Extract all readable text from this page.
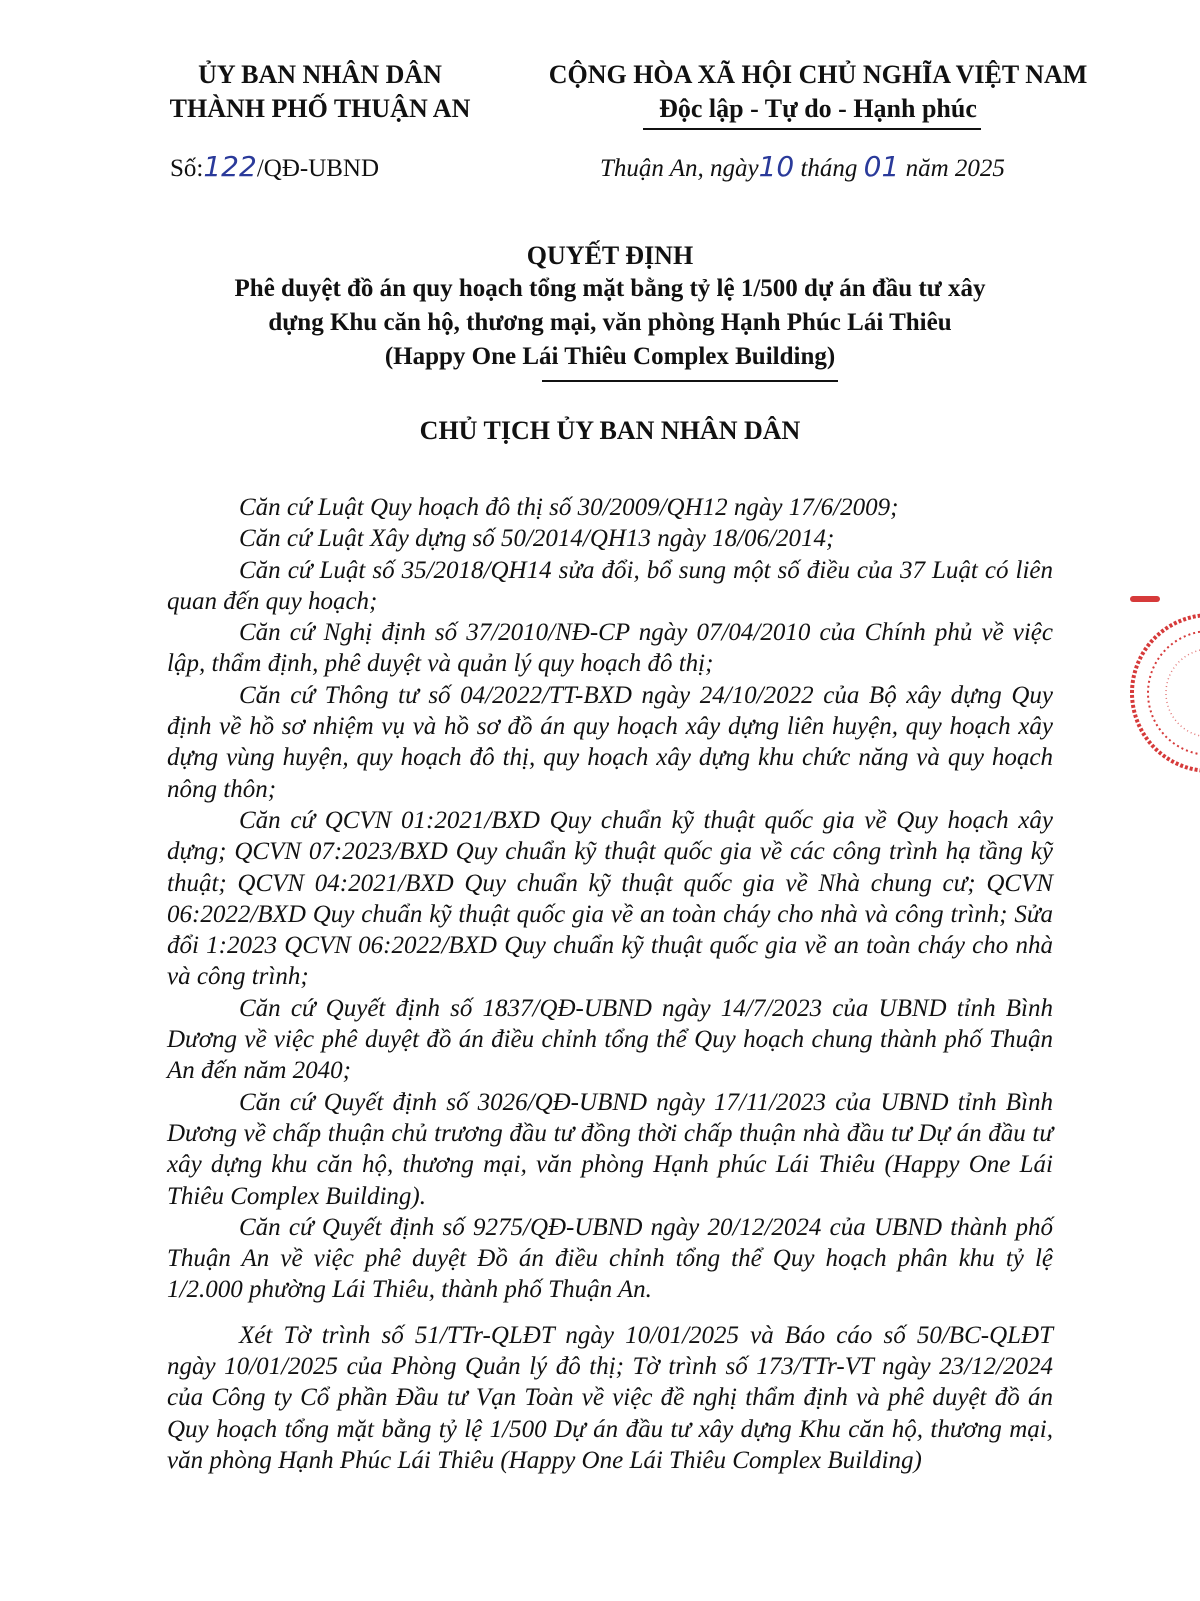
ỦY BAN NHÂN DÂN
THÀNH PHỐ THUẬN AN
CỘNG HÒA XÃ HỘI CHỦ NGHĨA VIỆT NAM
Độc lập - Tự do - Hạnh phúc
Số:122/QĐ-UBND	Thuận An, ngày10 tháng 01 năm 2025
QUYẾT ĐỊNH
Phê duyệt đồ án quy hoạch tổng mặt bằng tỷ lệ 1/500 dự án đầu tư xây
dựng Khu căn hộ, thương mại, văn phòng Hạnh Phúc Lái Thiêu
(Happy One Lái Thiêu Complex Building)
CHỦ TỊCH ỦY BAN NHÂN DÂN

Căn cứ Luật Quy hoạch đô thị số 30/2009/QH12 ngày 17/6/2009;

Căn cứ Luật Xây dựng số 50/2014/QH13 ngày 18/06/2014;

Căn cứ Luật số 35/2018/QH14 sửa đổi, bổ sung một số điều của 37 Luật có liên quan đến quy hoạch;

Căn cứ Nghị định số 37/2010/NĐ-CP ngày 07/04/2010 của Chính phủ về việc lập, thẩm định, phê duyệt và quản lý quy hoạch đô thị;

Căn cứ Thông tư số 04/2022/TT-BXD ngày 24/10/2022 của Bộ xây dựng Quy định về hồ sơ nhiệm vụ và hồ sơ đồ án quy hoạch xây dựng liên huyện, quy hoạch xây dựng vùng huyện, quy hoạch đô thị, quy hoạch xây dựng khu chức năng và quy hoạch nông thôn;

Căn cứ QCVN 01:2021/BXD Quy chuẩn kỹ thuật quốc gia về Quy hoạch xây dựng; QCVN 07:2023/BXD Quy chuẩn kỹ thuật quốc gia về các công trình hạ tầng kỹ thuật; QCVN 04:2021/BXD Quy chuẩn kỹ thuật quốc gia về Nhà chung cư; QCVN 06:2022/BXD Quy chuẩn kỹ thuật quốc gia về an toàn cháy cho nhà và công trình; Sửa đổi 1:2023 QCVN 06:2022/BXD Quy chuẩn kỹ thuật quốc gia về an toàn cháy cho nhà và công trình;

Căn cứ Quyết định số 1837/QĐ-UBND ngày 14/7/2023 của UBND tỉnh Bình Dương về việc phê duyệt đồ án điều chỉnh tổng thể Quy hoạch chung thành phố Thuận An đến năm 2040;

Căn cứ Quyết định số 3026/QĐ-UBND ngày 17/11/2023 của UBND tỉnh Bình Dương về chấp thuận chủ trương đầu tư đồng thời chấp thuận nhà đầu tư Dự án đầu tư xây dựng khu căn hộ, thương mại, văn phòng Hạnh phúc Lái Thiêu (Happy One Lái Thiêu Complex Building).

Căn cứ Quyết định số 9275/QĐ-UBND ngày 20/12/2024 của UBND thành phố Thuận An về việc phê duyệt Đồ án điều chỉnh tổng thể Quy hoạch phân khu tỷ lệ 1/2.000 phường Lái Thiêu, thành phố Thuận An.

Xét Tờ trình số 51/TTr-QLĐT ngày 10/01/2025 và Báo cáo số 50/BC-QLĐT ngày 10/01/2025 của Phòng Quản lý đô thị; Tờ trình số 173/TTr-VT ngày 23/12/2024 của Công ty Cổ phần Đầu tư Vạn Toàn về việc đề nghị thẩm định và phê duyệt đồ án Quy hoạch tổng mặt bằng tỷ lệ 1/500 Dự án đầu tư xây dựng Khu căn hộ, thương mại, văn phòng Hạnh Phúc Lái Thiêu (Happy One Lái Thiêu Complex Building)
